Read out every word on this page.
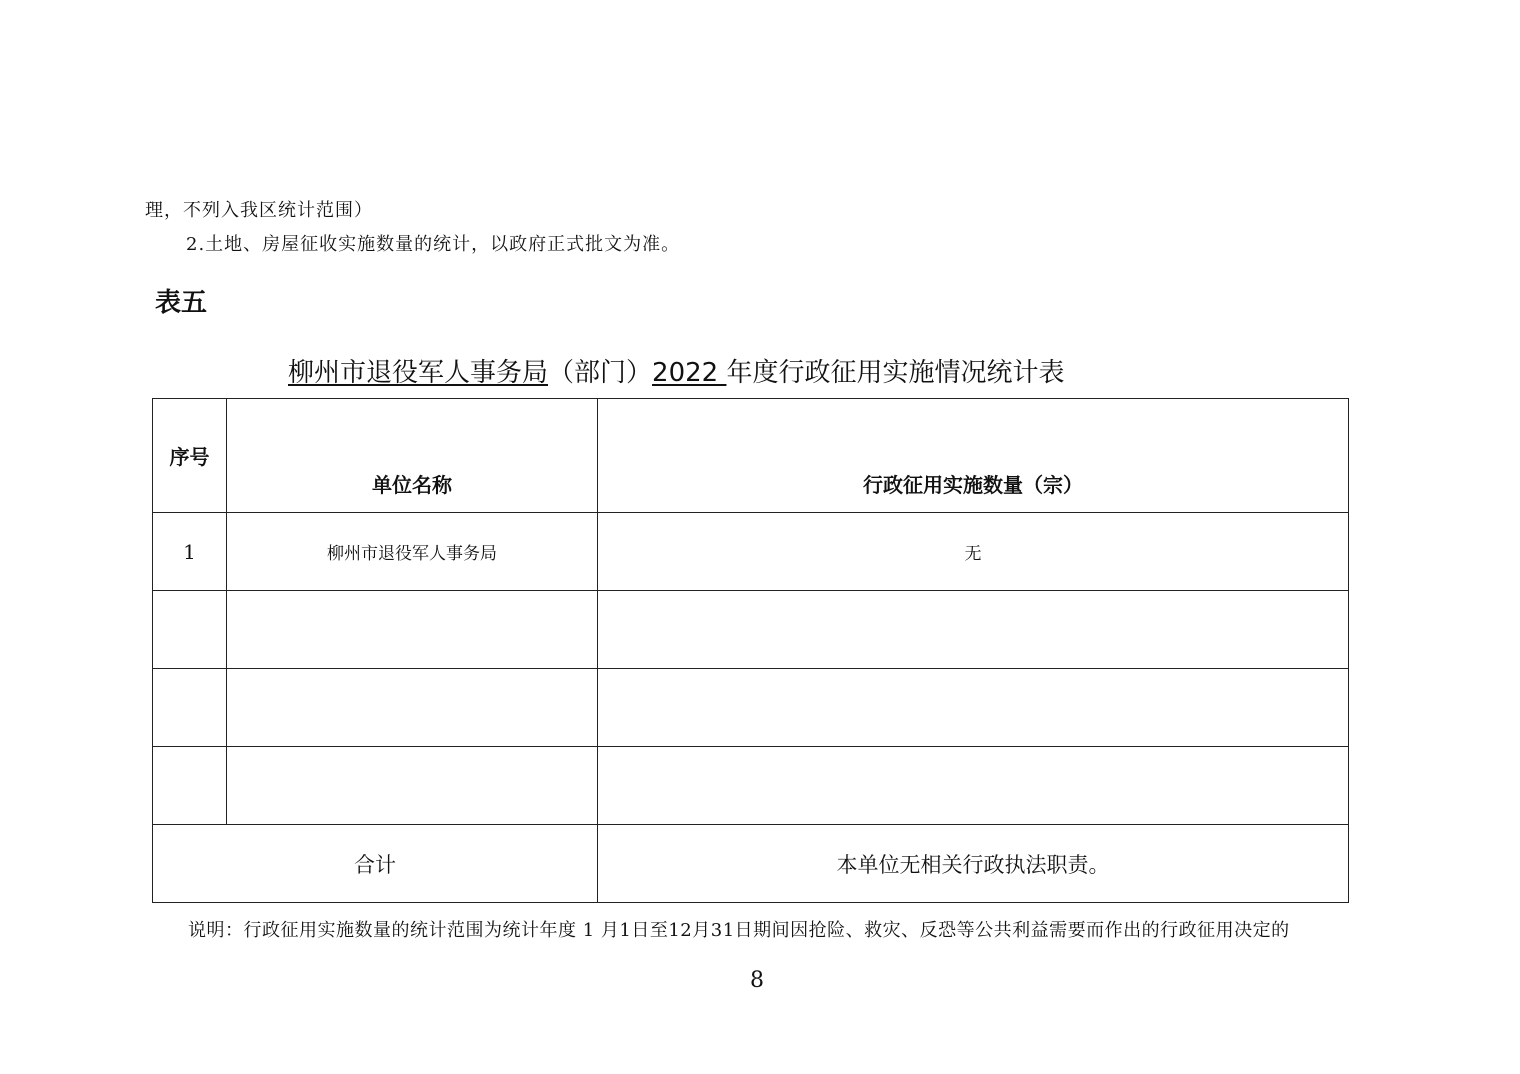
理，不列入我区统计范围）
2.土地、房屋征收实施数量的统计，以政府正式批文为准。
表五
柳州市退役军人事务局（部门）2022 年度行政征用实施情况统计表
序号	单位名称	行政征用实施数量（宗）
1	柳州市退役军人事务局	无

合计		本单位无相关行政执法职责。
说明：行政征用实施数量的统计范围为统计年度 1 月1日至12月31日期间因抢险、救灾、反恐等公共利益需要而作出的行政征用决定的
8
